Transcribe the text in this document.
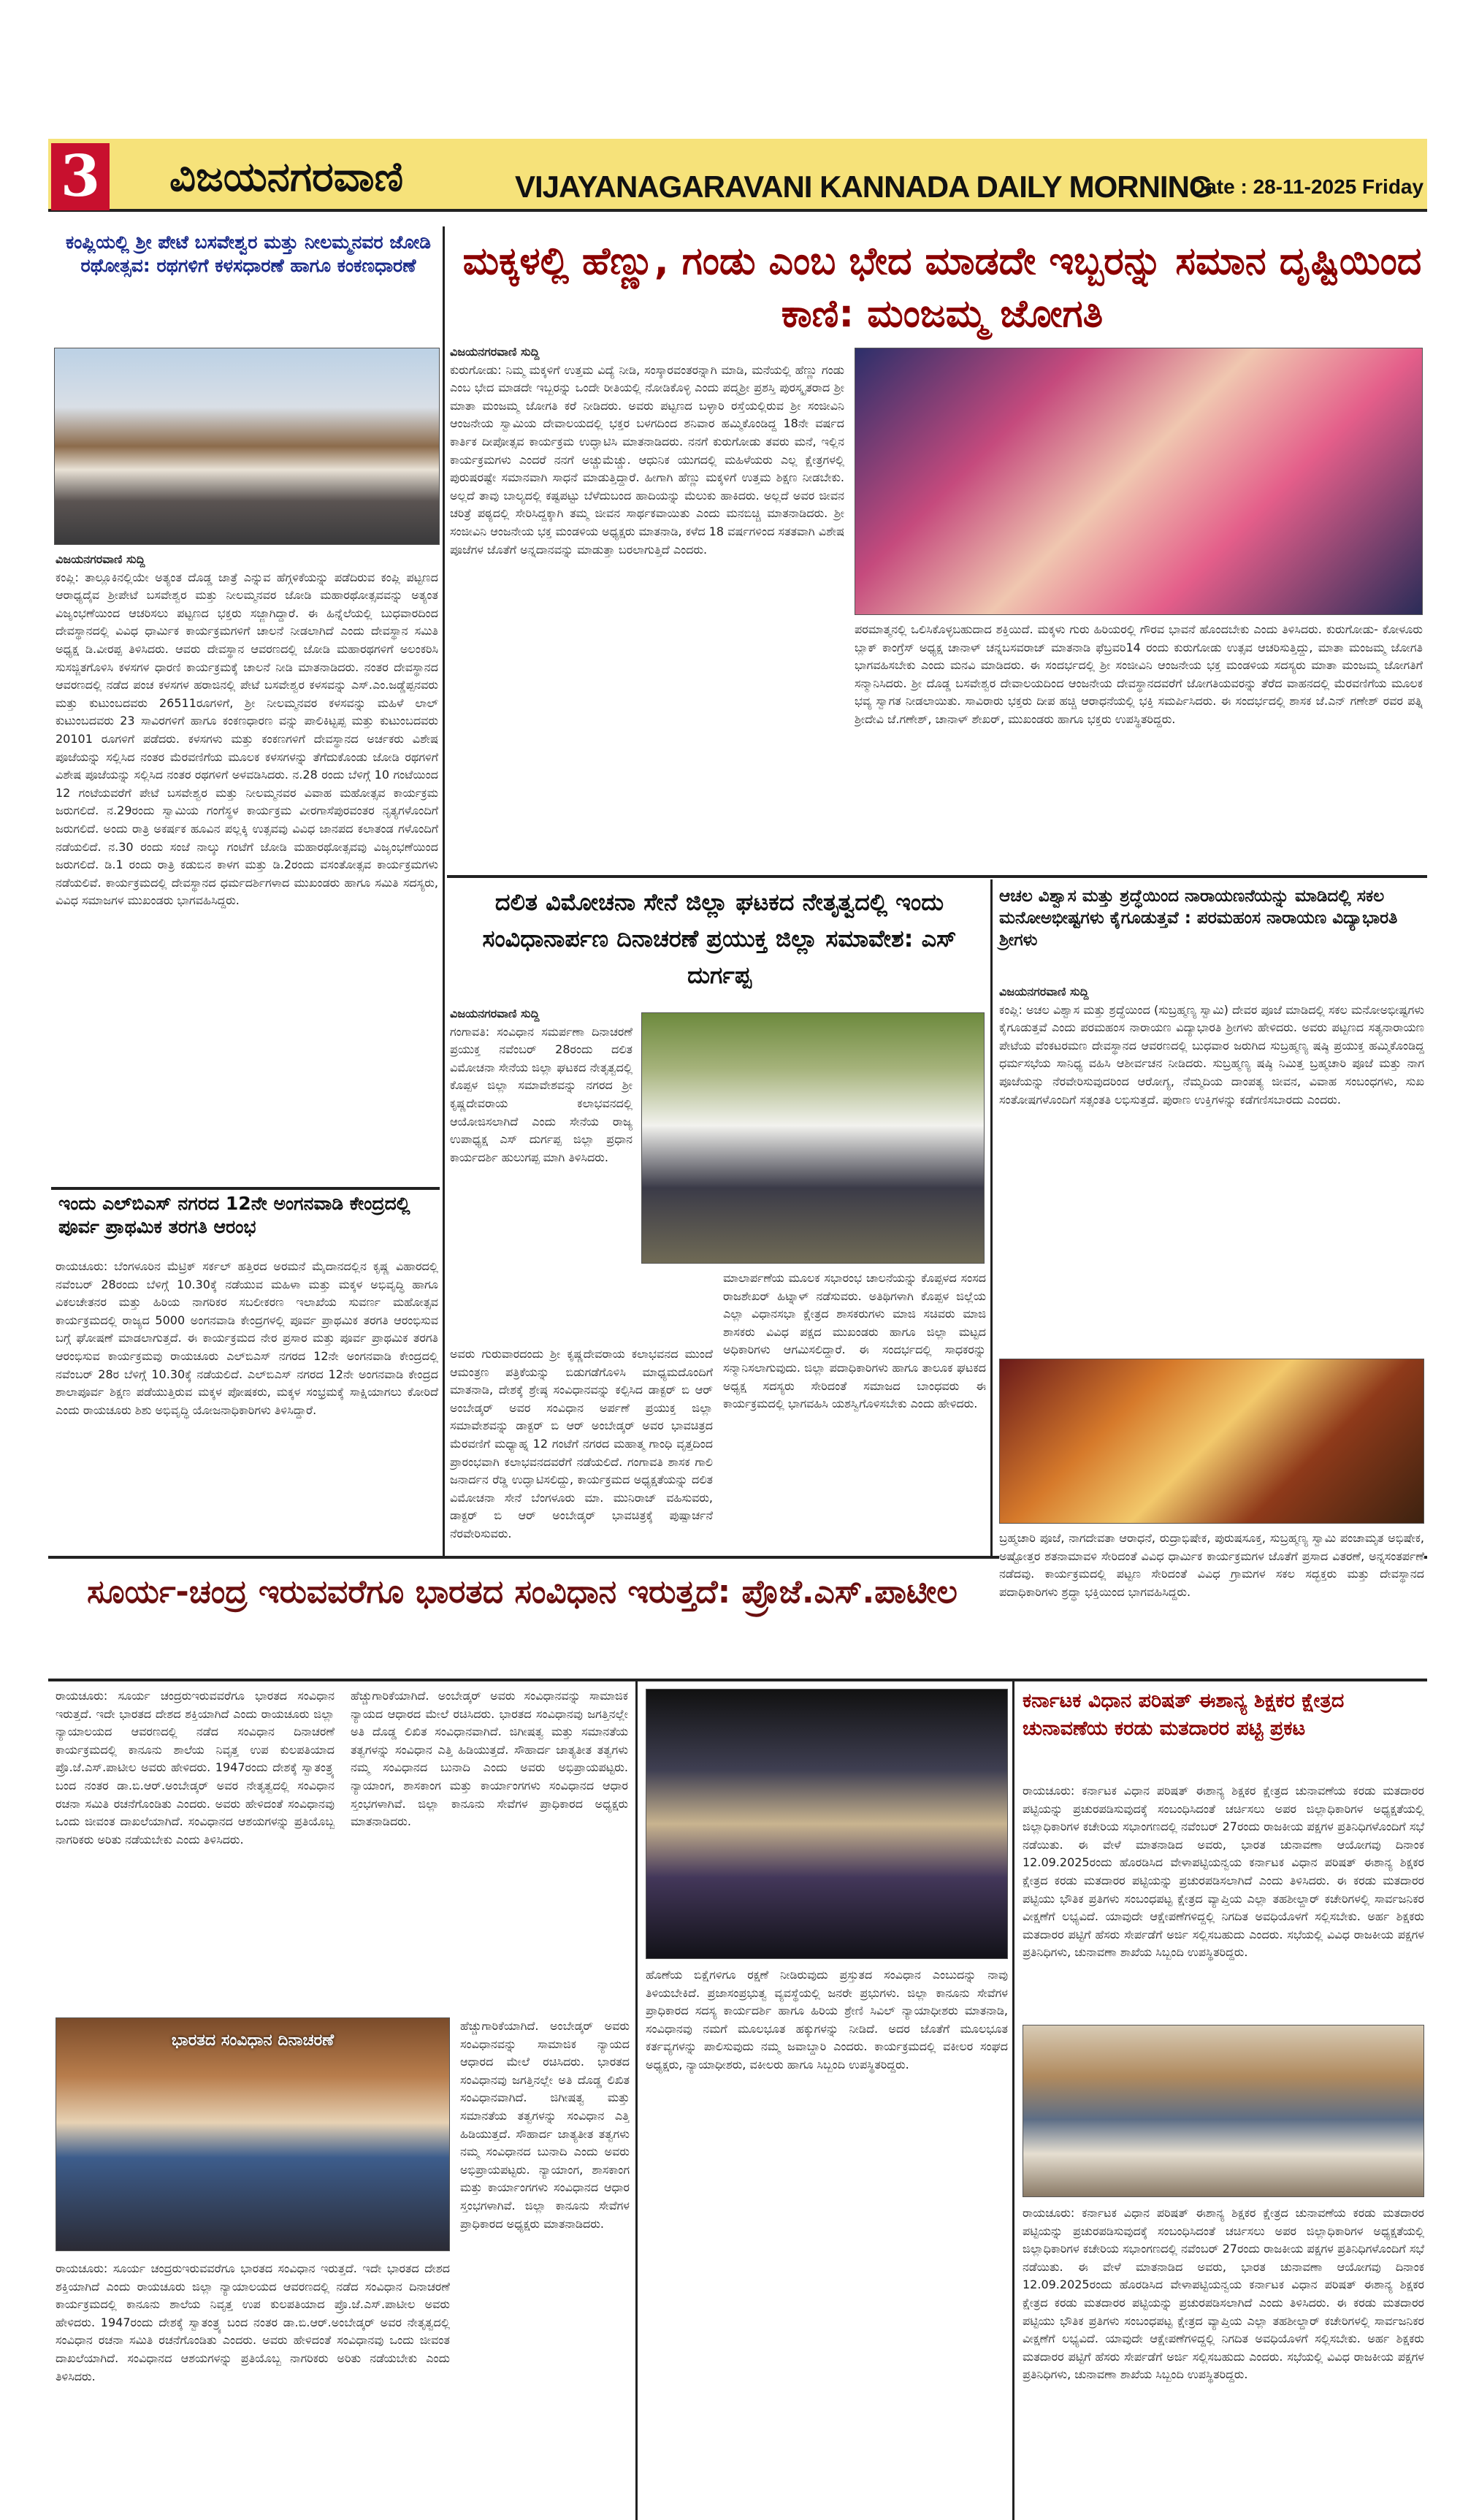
3 ವಿಜಯನಗರವಾಣಿ	VIJAYANAGARAVANI KANNADA DAILY MORNING
Date : 28-11-2025 Friday
ಕಂಪ್ಲಿಯಲ್ಲಿ ಶ್ರೀ ಪೇಟೆ ಬಸವೇಶ್ವರ ಮತ್ತು ನೀಲಮ್ಮನವರ ಜೋಡಿ ರಥೋತ್ಸವ: ರಥಗಳಿಗೆ ಕಳಸಧಾರಣೆ ಹಾಗೂ ಕಂಕಣಧಾರಣೆ
ವಿಜಯನಗರವಾಣಿ ಸುದ್ದಿ
ಕಂಪ್ಲಿ: ತಾಲ್ಲೂಕಿನಲ್ಲಿಯೇ ಅತ್ಯಂತ ದೊಡ್ಡ ಜಾತ್ರೆ ಎನ್ನುವ ಹೆಗ್ಗಳಿಕೆಯನ್ನು ಪಡೆದಿರುವ ಕಂಪ್ಲಿ ಪಟ್ಟಣದ ಆರಾಧ್ಯದೈವ ಶ್ರೀಪೇಟೆ ಬಸವೇಶ್ವರ ಮತ್ತು ನೀಲಮ್ಮನವರ ಜೋಡಿ ಮಹಾರಥೋತ್ಸವವನ್ನು ಅತ್ಯಂತ ವಿಜೃಂಭಣೆಯಿಂದ ಆಚರಿಸಲು ಪಟ್ಟಣದ ಭಕ್ತರು ಸಜ್ಜಾಗಿದ್ದಾರೆ. ಈ ಹಿನ್ನೆಲೆಯಲ್ಲಿ ಬುಧವಾರದಿಂದ ದೇವಸ್ಥಾನದಲ್ಲಿ ವಿವಿಧ ಧಾರ್ಮಿಕ ಕಾರ್ಯಕ್ರಮಗಳಿಗೆ ಚಾಲನೆ ನೀಡಲಾಗಿದೆ ಎಂದು ದೇವಸ್ಥಾನ ಸಮಿತಿ ಅಧ್ಯಕ್ಷ ಡಿ.ವೀರಪ್ಪ ತಿಳಿಸಿದರು. ಆವರು ದೇವಸ್ಥಾನ ಆವರಣದಲ್ಲಿ ಜೋಡಿ ಮಹಾರಥಗಳಿಗೆ ಅಲಂಕರಿಸಿ ಸುಸಜ್ಜಿತಗೊಳಿಸಿ ಕಳಸಗಳ ಧಾರಣಿ ಕಾರ್ಯಕ್ರಮಕ್ಕೆ ಚಾಲನೆ ನೀಡಿ ಮಾತನಾಡಿದರು. ನಂತರ ದೇವಸ್ಥಾನದ ಆವರಣದಲ್ಲಿ ನಡೆದ ಪಂಚ ಕಳಸಗಳ ಹರಾಜಿನಲ್ಲಿ ಪೇಟೆ ಬಸವೇಶ್ವರ ಕಳಸವನ್ನು ಎಸ್.ಎಂ.ಜಡ್ಡೆಪ್ಪನವರು ಮತ್ತು ಕುಟುಂಬದವರು 26511ರೂಗಳಿಗೆ, ಶ್ರೀ ನೀಲಮ್ಮನವರ ಕಳಸವನ್ನು ಮಹಿಳೆ ಲಾಲ್ ಕುಟುಂಬದವರು 23 ಸಾವಿರಗಳಿಗೆ ಹಾಗೂ ಕಂಕಣಧಾರಣ ವನ್ನು ಪಾಲಿಕಿಟ್ಟಪ್ಪ ಮತ್ತು ಕುಟುಂಬದವರು 20101 ರೂಗಳಿಗೆ ಪಡೆದರು. ಕಳಸಗಳು ಮತ್ತು ಕಂಕಣಗಳಿಗೆ ದೇವಸ್ಥಾನದ ಅರ್ಚಕರು ವಿಶೇಷ ಪೂಜೆಯನ್ನು ಸಲ್ಲಿಸಿದ ನಂತರ ಮೆರವಣಿಗೆಯ ಮೂಲಕ ಕಳಸಗಳನ್ನು ತೆಗೆದುಕೊಂಡು ಜೋಡಿ ರಥಗಳಿಗೆ ವಿಶೇಷ ಪೂಜೆಯನ್ನು ಸಲ್ಲಿಸಿದ ನಂತರ ರಥಗಳಿಗೆ ಅಳವಡಿಸಿದರು. ನ.28 ರಂದು ಬೆಳಿಗ್ಗೆ 10 ಗಂಟೆಯಿಂದ 12 ಗಂಟೆಯವರೆಗೆ ಪೇಟೆ ಬಸವೇಶ್ವರ ಮತ್ತು ನೀಲಮ್ಮನವರ ವಿವಾಹ ಮಹೋತ್ಸವ ಕಾರ್ಯಕ್ರಮ ಜರುಗಲಿದೆ. ನ.29ರಂದು ಸ್ವಾಮಿಯ ಗಂಗೆಸ್ಥಳ ಕಾರ್ಯಕ್ರಮ ವೀರಗಾಸೆಪುರವಂತರ ನೃತ್ಯಗಳೊಂದಿಗೆ ಜರುಗಲಿದೆ. ಅಂದು ರಾತ್ರಿ ಅಕರ್ಷಕ ಹೂವಿನ ಪಲ್ಲಕ್ಕಿ ಉತ್ಸವವು ವಿವಿಧ ಜಾನಪದ ಕಲಾತಂಡ ಗಳೊಂದಿಗೆ ನಡೆಯಲಿದೆ. ನ.30 ರಂದು ಸಂಜೆ ನಾಲ್ಕು ಗಂಟೆಗೆ ಜೋಡಿ ಮಹಾರಥೋತ್ಸವವು ವಿಜೃಂಭಣೆಯಿಂದ ಜರುಗಲಿದೆ. ಡಿ.1 ರಂದು ರಾತ್ರಿ ಕಡುಬಿನ ಕಾಳಗ ಮತ್ತು ಡಿ.2ರಂದು ವಸಂತೋತ್ಸವ ಕಾರ್ಯಕ್ರಮಗಳು ನಡೆಯಲಿವೆ. ಕಾರ್ಯಕ್ರಮದಲ್ಲಿ ದೇವಸ್ಥಾನದ ಧರ್ಮದರ್ಶಿಗಳಾದ ಮುಖಂಡರು ಹಾಗೂ ಸಮಿತಿ ಸದಸ್ಯರು, ವಿವಿಧ ಸಮಾಜಗಳ ಮುಖಂಡರು ಭಾಗವಹಿಸಿದ್ದರು.
ಇಂದು ಎಲ್‌ಬಿಎಸ್ ನಗರದ 12ನೇ ಅಂಗನವಾಡಿ ಕೇಂದ್ರದಲ್ಲಿ ಪೂರ್ವ ಪ್ರಾಥಮಿಕ ತರಗತಿ ಆರಂಭ
ರಾಯಚೂರು: ಬೆಂಗಳೂರಿನ ಮೆಟ್ರಿಕ್ ಸರ್ಕಲ್ ಹತ್ತಿರದ ಅರಮನೆ ಮೈದಾನದಲ್ಲಿನ ಕೃಷ್ಣ ವಿಹಾರದಲ್ಲಿ ನವೆಂಬರ್ 28ರಂದು ಬೆಳಿಗ್ಗೆ 10.30ಕ್ಕೆ ನಡೆಯುವ ಮಹಿಳಾ ಮತ್ತು ಮಕ್ಕಳ ಅಭಿವೃದ್ಧಿ ಹಾಗೂ ವಿಕಲಚೇತನರ ಮತ್ತು ಹಿರಿಯ ನಾಗರಿಕರ ಸಬಲೀಕರಣ ಇಲಾಖೆಯ ಸುವರ್ಣ ಮಹೋತ್ಸವ ಕಾರ್ಯಕ್ರಮದಲ್ಲಿ ರಾಜ್ಯದ 5000 ಅಂಗನವಾಡಿ ಕೇಂದ್ರಗಳಲ್ಲಿ ಪೂರ್ವ ಪ್ರಾಥಮಿಕ ತರಗತಿ ಆರಂಭಿಸುವ ಬಗ್ಗೆ ಘೋಷಣೆ ಮಾಡಲಾಗುತ್ತದೆ. ಈ ಕಾರ್ಯಕ್ರಮದ ನೇರ ಪ್ರಸಾರ ಮತ್ತು ಪೂರ್ವ ಪ್ರಾಥಮಿಕ ತರಗತಿ ಆರಂಭಿಸುವ ಕಾರ್ಯಕ್ರಮವು ರಾಯಚೂರು ಎಲ್‌ಬಿಎಸ್ ನಗರದ 12ನೇ ಅಂಗನವಾಡಿ ಕೇಂದ್ರದಲ್ಲಿ ನವೆಂಬರ್ 28ರ ಬೆಳಿಗ್ಗೆ 10.30ಕ್ಕೆ ನಡೆಯಲಿದೆ. ಎಲ್‌ಬಿಎಸ್ ನಗರದ 12ನೇ ಅಂಗನವಾಡಿ ಕೇಂದ್ರದ ಶಾಲಾಪೂರ್ವ ಶಿಕ್ಷಣ ಪಡೆಯುತ್ತಿರುವ ಮಕ್ಕಳ ಪೋಷಕರು, ಮಕ್ಕಳ ಸಂಭ್ರಮಕ್ಕೆ ಸಾಕ್ಷಿಯಾಗಲು ಕೋರಿದೆ ಎಂದು ರಾಯಚೂರು ಶಿಶು ಅಭಿವೃದ್ಧಿ ಯೋಜನಾಧಿಕಾರಿಗಳು ತಿಳಿಸಿದ್ದಾರೆ.
ಮಕ್ಕಳಲ್ಲಿ ಹೆಣ್ಣು, ಗಂಡು ಎಂಬ ಭೇದ ಮಾಡದೇ ಇಬ್ಬರನ್ನು ಸಮಾನ ದೃಷ್ಟಿಯಿಂದ ಕಾಣಿ: ಮಂಜಮ್ಮ ಜೋಗತಿ
ವಿಜಯನಗರವಾಣಿ ಸುದ್ದಿ
ಕುರುಗೋಡು: ನಿಮ್ಮ ಮಕ್ಕಳಿಗೆ ಉತ್ತಮ ವಿದ್ಯೆ ನೀಡಿ, ಸಂಸ್ಕಾರವಂತರನ್ನಾಗಿ ಮಾಡಿ, ಮನೆಯಲ್ಲಿ ಹೆಣ್ಣು ಗಂಡು ಎಂಬ ಭೇದ ಮಾಡದೇ ಇಬ್ಬರನ್ನು ಒಂದೇ ರೀತಿಯಲ್ಲಿ ನೋಡಿಕೊಳ್ಳಿ ಎಂದು ಪದ್ಮಶ್ರೀ ಪ್ರಶಸ್ತಿ ಪುರಸ್ಕೃತರಾದ ಶ್ರೀ ಮಾತಾ ಮಂಜಮ್ಮ ಜೋಗತಿ ಕರೆ ನೀಡಿದರು. ಅವರು ಪಟ್ಟಣದ ಬಳ್ಳಾರಿ ರಸ್ತೆಯಲ್ಲಿರುವ ಶ್ರೀ ಸಂಜೀವಿನಿ ಆಂಜನೇಯ ಸ್ವಾಮಿಯ ದೇವಾಲಯದಲ್ಲಿ ಭಕ್ತರ ಬಳಗದಿಂದ ಶನಿವಾರ ಹಮ್ಮಿಕೊಂಡಿದ್ದ 18ನೇ ವರ್ಷದ ಕಾರ್ತಿಕ ದೀಪೋತ್ಸವ ಕಾರ್ಯಕ್ರಮ ಉದ್ಘಾಟಿಸಿ ಮಾತನಾಡಿದರು. ನನಗೆ ಕುರುಗೋಡು ತವರು ಮನೆ, ಇಲ್ಲಿನ ಕಾರ್ಯಕ್ರಮಗಳು ಎಂದರೆ ನನಗೆ ಅಚ್ಚುಮೆಚ್ಚು. ಆಧುನಿಕ ಯುಗದಲ್ಲಿ ಮಹಿಳೆಯರು ಎಲ್ಲ ಕ್ಷೇತ್ರಗಳಲ್ಲಿ ಪುರುಷರಷ್ಟೇ ಸಮಾನವಾಗಿ ಸಾಧನೆ ಮಾಡುತ್ತಿದ್ದಾರೆ. ಹೀಗಾಗಿ ಹೆಣ್ಣು ಮಕ್ಕಳಿಗೆ ಉತ್ತಮ ಶಿಕ್ಷಣ ನೀಡಬೇಕು. ಅಲ್ಲದೆ ತಾವು ಬಾಲ್ಯದಲ್ಲಿ ಕಷ್ಟಪಟ್ಟು ಬೆಳೆದುಬಂದ ಹಾದಿಯನ್ನು ಮೆಲುಕು ಹಾಕಿದರು. ಅಲ್ಲದೆ ಅವರ ಜೀವನ ಚರಿತ್ರೆ ಪಠ್ಯದಲ್ಲಿ ಸೇರಿಸಿದ್ದಕ್ಕಾಗಿ ತಮ್ಮ ಜೀವನ ಸಾರ್ಥಕವಾಯಿತು ಎಂದು ಮನಬಿಚ್ಚಿ ಮಾತನಾಡಿದರು. ಶ್ರೀ ಸಂಜೀವಿನಿ ಆಂಜನೇಯ ಭಕ್ತ ಮಂಡಳಿಯ ಅಧ್ಯಕ್ಷರು ಮಾತನಾಡಿ, ಕಳೆದ 18 ವರ್ಷಗಳಿಂದ ಸತತವಾಗಿ ವಿಶೇಷ ಪೂಜೆಗಳ ಜೊತೆಗೆ ಅನ್ನದಾನವನ್ನು ಮಾಡುತ್ತಾ ಬರಲಾಗುತ್ತಿದೆ ಎಂದರು.
ಪರಮಾತ್ಮನಲ್ಲಿ ಒಲಿಸಿಕೊಳ್ಳಬಹುದಾದ ಶಕ್ತಿಯಿದೆ. ಮಕ್ಕಳು ಗುರು ಹಿರಿಯರಲ್ಲಿ ಗೌರವ ಭಾವನೆ ಹೊಂದಬೇಕು ಎಂದು ತಿಳಿಸಿದರು. ಕುರುಗೋಡು- ಕೋಳೂರು ಬ್ಲಾಕ್ ಕಾಂಗ್ರೆಸ್ ಅಧ್ಯಕ್ಷ ಚಾನಾಳ್ ಚನ್ನಬಸವರಾಜ್ ಮಾತನಾಡಿ ಫೆಬ್ರವರಿ14 ರಂದು ಕುರುಗೋಡು ಉತ್ಸವ ಆಚರಿಸುತ್ತಿದ್ದು, ಮಾತಾ ಮಂಜಮ್ಮ ಜೋಗತಿ ಭಾಗವಹಿಸಬೇಕು ಎಂದು ಮನವಿ ಮಾಡಿದರು. ಈ ಸಂದರ್ಭದಲ್ಲಿ ಶ್ರೀ ಸಂಜೀವಿನಿ ಆಂಜನೇಯ ಭಕ್ತ ಮಂಡಳಿಯ ಸದಸ್ಯರು ಮಾತಾ ಮಂಜಮ್ಮ ಜೋಗತಿಗೆ ಸನ್ಮಾನಿಸಿದರು. ಶ್ರೀ ದೊಡ್ಡ ಬಸವೇಶ್ವರ ದೇವಾಲಯದಿಂದ ಆಂಜನೇಯ ದೇವಸ್ಥಾನದವರೆಗೆ ಜೋಗತಿಯವರನ್ನು ತೆರೆದ ವಾಹನದಲ್ಲಿ ಮೆರವಣಿಗೆಯ ಮೂಲಕ ಭವ್ಯ ಸ್ವಾಗತ ನೀಡಲಾಯಿತು. ಸಾವಿರಾರು ಭಕ್ತರು ದೀಪ ಹಚ್ಚಿ ಆರಾಧನೆಯಲ್ಲಿ ಭಕ್ತಿ ಸಮರ್ಪಿಸಿದರು. ಈ ಸಂದರ್ಭದಲ್ಲಿ ಶಾಸಕ ಜೆ.ಎನ್ ಗಣೇಶ್ ರವರ ಪತ್ನಿ ಶ್ರೀದೇವಿ ಜೆ.ಗಣೇಶ್, ಚಾನಾಳ್ ಶೇಖರ್, ಮುಖಂಡರು ಹಾಗೂ ಭಕ್ತರು ಉಪಸ್ಥಿತರಿದ್ದರು.
ದಲಿತ ವಿಮೋಚನಾ ಸೇನೆ ಜಿಲ್ಲಾ ಘಟಕದ ನೇತೃತ್ವದಲ್ಲಿ ಇಂದು ಸಂವಿಧಾನಾರ್ಪಣ ದಿನಾಚರಣೆ ಪ್ರಯುಕ್ತ ಜಿಲ್ಲಾ ಸಮಾವೇಶ: ಎಸ್ ದುರ್ಗಪ್ಪ
ವಿಜಯನಗರವಾಣಿ ಸುದ್ದಿ
ಗಂಗಾವತಿ: ಸಂವಿಧಾನ ಸಮರ್ಪಣಾ ದಿನಾಚರಣೆ ಪ್ರಯುಕ್ತ ನವೆಂಬರ್ 28ರಂದು ದಲಿತ ವಿಮೋಚನಾ ಸೇನೆಯ ಜಿಲ್ಲಾ ಘಟಕದ ನೇತೃತ್ವದಲ್ಲಿ ಕೊಪ್ಪಳ ಜಿಲ್ಲಾ ಸಮಾವೇಶವನ್ನು ನಗರದ ಶ್ರೀ ಕೃಷ್ಣದೇವರಾಯ ಕಲಾಭವನದಲ್ಲಿ ಆಯೋಜಿಸಲಾಗಿದೆ ಎಂದು ಸೇನೆಯ ರಾಜ್ಯ ಉಪಾಧ್ಯಕ್ಷ ಎಸ್ ದುರ್ಗಪ್ಪ ಜಿಲ್ಲಾ ಪ್ರಧಾನ ಕಾರ್ಯದರ್ಶಿ ಹುಲುಗಪ್ಪ ಮಾಗಿ ತಿಳಿಸಿದರು.
ಅವರು ಗುರುವಾರದಂದು ಶ್ರೀ ಕೃಷ್ಣದೇವರಾಯ ಕಲಾಭವನದ ಮುಂದೆ ಆಮಂತ್ರಣ ಪತ್ರಿಕೆಯನ್ನು ಬಿಡುಗಡೆಗೊಳಿಸಿ ಮಾಧ್ಯಮದೊಂದಿಗೆ ಮಾತನಾಡಿ, ದೇಶಕ್ಕೆ ಶ್ರೇಷ್ಠ ಸಂವಿಧಾನವನ್ನು ಕಲ್ಪಿಸಿದ ಡಾಕ್ಟರ್ ಬಿ ಆರ್ ಅಂಬೇಡ್ಕರ್ ಅವರ ಸಂವಿಧಾನ ಅರ್ಪಣೆ ಪ್ರಯುಕ್ತ ಜಿಲ್ಲಾ ಸಮಾವೇಶವನ್ನು ಡಾಕ್ಟರ್ ಬಿ ಆರ್ ಅಂಬೇಡ್ಕರ್ ಅವರ ಭಾವಚಿತ್ರದ ಮೆರವಣಿಗೆ ಮಧ್ಯಾಹ್ನ 12 ಗಂಟೆಗೆ ನಗರದ ಮಹಾತ್ಮ ಗಾಂಧಿ ವೃತ್ತದಿಂದ ಪ್ರಾರಂಭವಾಗಿ ಕಲಾಭವನದವರೆಗೆ ನಡೆಯಲಿದೆ. ಗಂಗಾವತಿ ಶಾಸಕ ಗಾಲಿ ಜನಾರ್ದನ ರೆಡ್ಡಿ ಉದ್ಘಾಟಿಸಲಿದ್ದು, ಕಾರ್ಯಕ್ರಮದ ಅಧ್ಯಕ್ಷತೆಯನ್ನು ದಲಿತ ವಿಮೋಚನಾ ಸೇನೆ ಬೆಂಗಳೂರು ಮಾ. ಮುನಿರಾಜ್ ವಹಿಸುವರು, ಡಾಕ್ಟರ್ ಬಿ ಆರ್ ಅಂಬೇಡ್ಕರ್ ಭಾವಚಿತ್ರಕ್ಕೆ ಪುಷ್ಪಾರ್ಚನೆ ನೆರವೇರಿಸುವರು.
ಮಾಲಾರ್ಪಣೆಯ ಮೂಲಕ ಸಭಾರಂಭ ಚಾಲನೆಯನ್ನು ಕೊಪ್ಪಳದ ಸಂಸದ ರಾಜಶೇಖರ್ ಹಿಟ್ನಾಳ್ ನಡೆಸುವರು. ಅತಿಥಿಗಳಾಗಿ ಕೊಪ್ಪಳ ಜಿಲ್ಲೆಯ ಎಲ್ಲಾ ವಿಧಾನಸಭಾ ಕ್ಷೇತ್ರದ ಶಾಸಕರುಗಳು ಮಾಜಿ ಸಚಿವರು ಮಾಜಿ ಶಾಸಕರು ವಿವಿಧ ಪಕ್ಷದ ಮುಖಂಡರು ಹಾಗೂ ಜಿಲ್ಲಾ ಮಟ್ಟದ ಅಧಿಕಾರಿಗಳು ಆಗಮಿಸಲಿದ್ದಾರೆ. ಈ ಸಂದರ್ಭದಲ್ಲಿ ಸಾಧಕರನ್ನು ಸನ್ಮಾನಿಸಲಾಗುವುದು. ಜಿಲ್ಲಾ ಪದಾಧಿಕಾರಿಗಳು ಹಾಗೂ ತಾಲೂಕ ಘಟಕದ ಅಧ್ಯಕ್ಷ ಸದಸ್ಯರು ಸೇರಿದಂತೆ ಸಮಾಜದ ಬಾಂಧವರು ಈ ಕಾರ್ಯಕ್ರಮದಲ್ಲಿ ಭಾಗವಹಿಸಿ ಯಶಸ್ವಿಗೊಳಿಸಬೇಕು ಎಂದು ಹೇಳಿದರು.
ಆಚಲ ವಿಶ್ವಾಸ ಮತ್ತು ಶ್ರದ್ಧೆಯಿಂದ ನಾರಾಯಣನೆಯನ್ನು ಮಾಡಿದಲ್ಲಿ ಸಕಲ ಮನೋಅಭೀಷ್ಟಗಳು ಕೈಗೂಡುತ್ತವೆ : ಪರಮಹಂಸ ನಾರಾಯಣ ವಿದ್ಯಾಭಾರತಿ ಶ್ರೀಗಳು
ವಿಜಯನಗರವಾಣಿ ಸುದ್ದಿ
ಕಂಪ್ಲಿ: ಅಚಲ ವಿಶ್ವಾಸ ಮತ್ತು ಶ್ರದ್ಧೆಯಿಂದ (ಸುಬ್ರಹ್ಮಣ್ಯ ಸ್ವಾಮಿ) ದೇವರ ಪೂಜೆ ಮಾಡಿದಲ್ಲಿ ಸಕಲ ಮನೋಅಭೀಷ್ಟಗಳು ಕೈಗೂಡುತ್ತವೆ ಎಂದು ಪರಮಹಂಸ ನಾರಾಯಣ ವಿದ್ಯಾಭಾರತಿ ಶ್ರೀಗಳು ಹೇಳಿದರು. ಅವರು ಪಟ್ಟಣದ ಸತ್ಯನಾರಾಯಣ ಪೇಟೆಯ ವೆಂಕಟರಮಣ ದೇವಸ್ಥಾನದ ಆವರಣದಲ್ಲಿ ಬುಧವಾರ ಜರುಗಿದ ಸುಬ್ರಹ್ಮಣ್ಯ ಷಷ್ಠಿ ಪ್ರಯುಕ್ತ ಹಮ್ಮಿಕೊಂಡಿದ್ದ ಧರ್ಮಸಭೆಯ ಸಾನಿಧ್ಯ ವಹಿಸಿ ಆಶೀರ್ವಚನ ನೀಡಿದರು. ಸುಬ್ರಹ್ಮಣ್ಯ ಷಷ್ಠಿ ನಿಮಿತ್ತ ಬ್ರಹ್ಮಚಾರಿ ಪೂಜೆ ಮತ್ತು ನಾಗ ಪೂಜೆಯನ್ನು ನೆರವೇರಿಸುವುದರಿಂದ ಆರೋಗ್ಯ, ನೆಮ್ಮದಿಯ ದಾಂಪತ್ಯ ಜೀವನ, ವಿವಾಹ ಸಂಬಂಧಗಳು, ಸುಖ ಸಂತೋಷಗಳೊಂದಿಗೆ ಸತ್ಸಂತತಿ ಲಭಿಸುತ್ತದೆ. ಪುರಾಣ ಉಕ್ತಿಗಳನ್ನು ಕಡೆಗಣಿಸಬಾರದು ಎಂದರು.
ಬ್ರಹ್ಮಚಾರಿ ಪೂಜೆ, ನಾಗದೇವತಾ ಆರಾಧನೆ, ರುದ್ರಾಭಿಷೇಕ, ಪುರುಷಸೂಕ್ತ, ಸುಬ್ರಹ್ಮಣ್ಯ ಸ್ವಾಮಿ ಪಂಚಾಮೃತ ಅಭಿಷೇಕ, ಅಷ್ಟೋತ್ತರ ಶತನಾಮಾವಳಿ ಸೇರಿದಂತೆ ವಿವಿಧ ಧಾರ್ಮಿಕ ಕಾರ್ಯಕ್ರಮಗಳ ಜೊತೆಗೆ ಪ್ರಸಾದ ವಿತರಣೆ, ಅನ್ನಸಂತರ್ಪಣೆ ನಡೆದವು. ಕಾರ್ಯಕ್ರಮದಲ್ಲಿ ಪಟ್ಟಣ ಸೇರಿದಂತೆ ವಿವಿಧ ಗ್ರಾಮಗಳ ಸಕಲ ಸದ್ಭಕ್ತರು ಮತ್ತು ದೇವಸ್ಥಾನದ ಪದಾಧಿಕಾರಿಗಳು ಶ್ರದ್ಧಾ ಭಕ್ತಿಯಿಂದ ಭಾಗವಹಿಸಿದ್ದರು.
ಸೂರ್ಯ-ಚಂದ್ರ ಇರುವವರೆಗೂ ಭಾರತದ ಸಂವಿಧಾನ ಇರುತ್ತದೆ: ಪ್ರೊಜೆ.ಎಸ್.ಪಾಟೀಲ
ರಾಯಚೂರು: ಸೂರ್ಯ ಚಂದ್ರರುಇರುವವರೆಗೂ ಭಾರತದ ಸಂವಿಧಾನ ಇರುತ್ತದೆ. ಇದೇ ಭಾರತದ ದೇಶದ ಶಕ್ತಿಯಾಗಿದೆ ಎಂದು ರಾಯಚೂರು ಜಿಲ್ಲಾ ನ್ಯಾಯಾಲಯದ ಆವರಣದಲ್ಲಿ ನಡೆದ ಸಂವಿಧಾನ ದಿನಾಚರಣೆ ಕಾರ್ಯಕ್ರಮದಲ್ಲಿ ಕಾನೂನು ಶಾಲೆಯ ನಿವೃತ್ತ ಉಪ ಕುಲಪತಿಯಾದ ಪ್ರೊ.ಜೆ.ಎಸ್.ಪಾಟೀಲ ಅವರು ಹೇಳಿದರು. 1947ರಂದು ದೇಶಕ್ಕೆ ಸ್ವಾತಂತ್ರ್ಯ ಬಂದ ನಂತರ ಡಾ.ಬಿ.ಆರ್.ಅಂಬೇಡ್ಕರ್ ಅವರ ನೇತೃತ್ವದಲ್ಲಿ ಸಂವಿಧಾನ ರಚನಾ ಸಮಿತಿ ರಚನೆಗೊಂಡಿತು ಎಂದರು. ಅವರು ಹೇಳಿದಂತೆ ಸಂವಿಧಾನವು ಒಂದು ಜೀವಂತ ದಾಖಲೆಯಾಗಿದೆ. ಸಂವಿಧಾನದ ಆಶಯಗಳನ್ನು ಪ್ರತಿಯೊಬ್ಬ ನಾಗರಿಕರು ಅರಿತು ನಡೆಯಬೇಕು ಎಂದು ತಿಳಿಸಿದರು.
ಭಾರತದ ಸಂವಿಧಾನ ದಿನಾಚರಣೆ
ರಾಯಚೂರು: ಸೂರ್ಯ ಚಂದ್ರರುಇರುವವರೆಗೂ ಭಾರತದ ಸಂವಿಧಾನ ಇರುತ್ತದೆ. ಇದೇ ಭಾರತದ ದೇಶದ ಶಕ್ತಿಯಾಗಿದೆ ಎಂದು ರಾಯಚೂರು ಜಿಲ್ಲಾ ನ್ಯಾಯಾಲಯದ ಆವರಣದಲ್ಲಿ ನಡೆದ ಸಂವಿಧಾನ ದಿನಾಚರಣೆ ಕಾರ್ಯಕ್ರಮದಲ್ಲಿ ಕಾನೂನು ಶಾಲೆಯ ನಿವೃತ್ತ ಉಪ ಕುಲಪತಿಯಾದ ಪ್ರೊ.ಜೆ.ಎಸ್.ಪಾಟೀಲ ಅವರು ಹೇಳಿದರು. 1947ರಂದು ದೇಶಕ್ಕೆ ಸ್ವಾತಂತ್ರ್ಯ ಬಂದ ನಂತರ ಡಾ.ಬಿ.ಆರ್.ಅಂಬೇಡ್ಕರ್ ಅವರ ನೇತೃತ್ವದಲ್ಲಿ ಸಂವಿಧಾನ ರಚನಾ ಸಮಿತಿ ರಚನೆಗೊಂಡಿತು ಎಂದರು. ಅವರು ಹೇಳಿದಂತೆ ಸಂವಿಧಾನವು ಒಂದು ಜೀವಂತ ದಾಖಲೆಯಾಗಿದೆ. ಸಂವಿಧಾನದ ಆಶಯಗಳನ್ನು ಪ್ರತಿಯೊಬ್ಬ ನಾಗರಿಕರು ಅರಿತು ನಡೆಯಬೇಕು ಎಂದು ತಿಳಿಸಿದರು.
ಹೆಚ್ಚುಗಾರಿಕೆಯಾಗಿದೆ. ಅಂಬೇಡ್ಕರ್ ಅವರು ಸಂವಿಧಾನವನ್ನು ಸಾಮಾಜಿಕ ನ್ಯಾಯದ ಆಧಾರದ ಮೇಲೆ ರಚಿಸಿದರು. ಭಾರತದ ಸಂವಿಧಾನವು ಜಗತ್ತಿನಲ್ಲೇ ಅತಿ ದೊಡ್ಡ ಲಿಖಿತ ಸಂವಿಧಾನವಾಗಿದೆ. ಜಿಗೀಷತ್ವ ಮತ್ತು ಸಮಾನತೆಯ ತತ್ವಗಳನ್ನು ಸಂವಿಧಾನ ಎತ್ತಿ ಹಿಡಿಯುತ್ತದೆ. ಸೌಹಾರ್ದ ಜಾತ್ಯತೀತ ತತ್ವಗಳು ನಮ್ಮ ಸಂವಿಧಾನದ ಬುನಾದಿ ಎಂದು ಅವರು ಅಭಿಪ್ರಾಯಪಟ್ಟರು. ನ್ಯಾಯಾಂಗ, ಶಾಸಕಾಂಗ ಮತ್ತು ಕಾರ್ಯಾಂಗಗಳು ಸಂವಿಧಾನದ ಆಧಾರ ಸ್ತಂಭಗಳಾಗಿವೆ. ಜಿಲ್ಲಾ ಕಾನೂನು ಸೇವೆಗಳ ಪ್ರಾಧಿಕಾರದ ಅಧ್ಯಕ್ಷರು ಮಾತನಾಡಿದರು.
ಹೆಚ್ಚುಗಾರಿಕೆಯಾಗಿದೆ. ಅಂಬೇಡ್ಕರ್ ಅವರು ಸಂವಿಧಾನವನ್ನು ಸಾಮಾಜಿಕ ನ್ಯಾಯದ ಆಧಾರದ ಮೇಲೆ ರಚಿಸಿದರು. ಭಾರತದ ಸಂವಿಧಾನವು ಜಗತ್ತಿನಲ್ಲೇ ಅತಿ ದೊಡ್ಡ ಲಿಖಿತ ಸಂವಿಧಾನವಾಗಿದೆ. ಜಿಗೀಷತ್ವ ಮತ್ತು ಸಮಾನತೆಯ ತತ್ವಗಳನ್ನು ಸಂವಿಧಾನ ಎತ್ತಿ ಹಿಡಿಯುತ್ತದೆ. ಸೌಹಾರ್ದ ಜಾತ್ಯತೀತ ತತ್ವಗಳು ನಮ್ಮ ಸಂವಿಧಾನದ ಬುನಾದಿ ಎಂದು ಅವರು ಅಭಿಪ್ರಾಯಪಟ್ಟರು. ನ್ಯಾಯಾಂಗ, ಶಾಸಕಾಂಗ ಮತ್ತು ಕಾರ್ಯಾಂಗಗಳು ಸಂವಿಧಾನದ ಆಧಾರ ಸ್ತಂಭಗಳಾಗಿವೆ. ಜಿಲ್ಲಾ ಕಾನೂನು ಸೇವೆಗಳ ಪ್ರಾಧಿಕಾರದ ಅಧ್ಯಕ್ಷರು ಮಾತನಾಡಿದರು.
ಹೊಣೆಯ ಬಿಕ್ಷೆಗಳಿಗೂ ರಕ್ಷಣೆ ನೀಡಿರುವುದು ಪ್ರಸ್ತುತದ ಸಂವಿಧಾನ ಎಂಬುದನ್ನು ನಾವು ತಿಳಿಯಬೇಕಿದೆ. ಪ್ರಜಾಸಂಪ್ರಭುತ್ವ ವ್ಯವಸ್ಥೆಯಲ್ಲಿ ಜನರೇ ಪ್ರಭುಗಳು. ಜಿಲ್ಲಾ ಕಾನೂನು ಸೇವೆಗಳ ಪ್ರಾಧಿಕಾರದ ಸದಸ್ಯ ಕಾರ್ಯದರ್ಶಿ ಹಾಗೂ ಹಿರಿಯ ಶ್ರೇಣಿ ಸಿವಿಲ್ ನ್ಯಾಯಾಧೀಶರು ಮಾತನಾಡಿ, ಸಂವಿಧಾನವು ನಮಗೆ ಮೂಲಭೂತ ಹಕ್ಕುಗಳನ್ನು ನೀಡಿದೆ. ಅದರ ಜೊತೆಗೆ ಮೂಲಭೂತ ಕರ್ತವ್ಯಗಳನ್ನು ಪಾಲಿಸುವುದು ನಮ್ಮ ಜವಾಬ್ದಾರಿ ಎಂದರು. ಕಾರ್ಯಕ್ರಮದಲ್ಲಿ ವಕೀಲರ ಸಂಘದ ಅಧ್ಯಕ್ಷರು, ನ್ಯಾಯಾಧೀಶರು, ವಕೀಲರು ಹಾಗೂ ಸಿಬ್ಬಂದಿ ಉಪಸ್ಥಿತರಿದ್ದರು.
ಕರ್ನಾಟಕ ವಿಧಾನ ಪರಿಷತ್ ಈಶಾನ್ಯ ಶಿಕ್ಷಕರ ಕ್ಷೇತ್ರದ ಚುನಾವಣೆಯ ಕರಡು ಮತದಾರರ ಪಟ್ಟಿ ಪ್ರಕಟ
ರಾಯಚೂರು: ಕರ್ನಾಟಕ ವಿಧಾನ ಪರಿಷತ್ ಈಶಾನ್ಯ ಶಿಕ್ಷಕರ ಕ್ಷೇತ್ರದ ಚುನಾವಣೆಯ ಕರಡು ಮತದಾರರ ಪಟ್ಟಿಯನ್ನು ಪ್ರಚುರಪಡಿಸುವುದಕ್ಕೆ ಸಂಬಂಧಿಸಿದಂತೆ ಚರ್ಚಿಸಲು ಅಪರ ಜಿಲ್ಲಾಧಿಕಾರಿಗಳ ಅಧ್ಯಕ್ಷತೆಯಲ್ಲಿ ಜಿಲ್ಲಾಧಿಕಾರಿಗಳ ಕಚೇರಿಯ ಸಭಾಂಗಣದಲ್ಲಿ ನವೆಂಬರ್ 27ರಂದು ರಾಜಕೀಯ ಪಕ್ಷಗಳ ಪ್ರತಿನಿಧಿಗಳೊಂದಿಗೆ ಸಭೆ ನಡೆಯಿತು. ಈ ವೇಳೆ ಮಾತನಾಡಿದ ಅವರು, ಭಾರತ ಚುನಾವಣಾ ಆಯೋಗವು ದಿನಾಂಕ 12.09.2025ರಂದು ಹೊರಡಿಸಿದ ವೇಳಾಪಟ್ಟಿಯನ್ವಯ ಕರ್ನಾಟಕ ವಿಧಾನ ಪರಿಷತ್ ಈಶಾನ್ಯ ಶಿಕ್ಷಕರ ಕ್ಷೇತ್ರದ ಕರಡು ಮತದಾರರ ಪಟ್ಟಿಯನ್ನು ಪ್ರಚುರಪಡಿಸಲಾಗಿದೆ ಎಂದು ತಿಳಿಸಿದರು. ಈ ಕರಡು ಮತದಾರರ ಪಟ್ಟಿಯು ಭೌತಿಕ ಪ್ರತಿಗಳು ಸಂಬಂಧಪಟ್ಟ ಕ್ಷೇತ್ರದ ವ್ಯಾಪ್ತಿಯ ಎಲ್ಲಾ ತಹಶೀಲ್ದಾರ್ ಕಚೇರಿಗಳಲ್ಲಿ ಸಾರ್ವಜನಿಕರ ವೀಕ್ಷಣೆಗೆ ಲಭ್ಯವಿದೆ. ಯಾವುದೇ ಆಕ್ಷೇಪಣೆಗಳಿದ್ದಲ್ಲಿ ನಿಗದಿತ ಅವಧಿಯೊಳಗೆ ಸಲ್ಲಿಸಬೇಕು. ಅರ್ಹ ಶಿಕ್ಷಕರು ಮತದಾರರ ಪಟ್ಟಿಗೆ ಹೆಸರು ಸೇರ್ಪಡೆಗೆ ಅರ್ಜಿ ಸಲ್ಲಿಸಬಹುದು ಎಂದರು. ಸಭೆಯಲ್ಲಿ ವಿವಿಧ ರಾಜಕೀಯ ಪಕ್ಷಗಳ ಪ್ರತಿನಿಧಿಗಳು, ಚುನಾವಣಾ ಶಾಖೆಯ ಸಿಬ್ಬಂದಿ ಉಪಸ್ಥಿತರಿದ್ದರು.
ರಾಯಚೂರು: ಕರ್ನಾಟಕ ವಿಧಾನ ಪರಿಷತ್ ಈಶಾನ್ಯ ಶಿಕ್ಷಕರ ಕ್ಷೇತ್ರದ ಚುನಾವಣೆಯ ಕರಡು ಮತದಾರರ ಪಟ್ಟಿಯನ್ನು ಪ್ರಚುರಪಡಿಸುವುದಕ್ಕೆ ಸಂಬಂಧಿಸಿದಂತೆ ಚರ್ಚಿಸಲು ಅಪರ ಜಿಲ್ಲಾಧಿಕಾರಿಗಳ ಅಧ್ಯಕ್ಷತೆಯಲ್ಲಿ ಜಿಲ್ಲಾಧಿಕಾರಿಗಳ ಕಚೇರಿಯ ಸಭಾಂಗಣದಲ್ಲಿ ನವೆಂಬರ್ 27ರಂದು ರಾಜಕೀಯ ಪಕ್ಷಗಳ ಪ್ರತಿನಿಧಿಗಳೊಂದಿಗೆ ಸಭೆ ನಡೆಯಿತು. ಈ ವೇಳೆ ಮಾತನಾಡಿದ ಅವರು, ಭಾರತ ಚುನಾವಣಾ ಆಯೋಗವು ದಿನಾಂಕ 12.09.2025ರಂದು ಹೊರಡಿಸಿದ ವೇಳಾಪಟ್ಟಿಯನ್ವಯ ಕರ್ನಾಟಕ ವಿಧಾನ ಪರಿಷತ್ ಈಶಾನ್ಯ ಶಿಕ್ಷಕರ ಕ್ಷೇತ್ರದ ಕರಡು ಮತದಾರರ ಪಟ್ಟಿಯನ್ನು ಪ್ರಚುರಪಡಿಸಲಾಗಿದೆ ಎಂದು ತಿಳಿಸಿದರು. ಈ ಕರಡು ಮತದಾರರ ಪಟ್ಟಿಯು ಭೌತಿಕ ಪ್ರತಿಗಳು ಸಂಬಂಧಪಟ್ಟ ಕ್ಷೇತ್ರದ ವ್ಯಾಪ್ತಿಯ ಎಲ್ಲಾ ತಹಶೀಲ್ದಾರ್ ಕಚೇರಿಗಳಲ್ಲಿ ಸಾರ್ವಜನಿಕರ ವೀಕ್ಷಣೆಗೆ ಲಭ್ಯವಿದೆ. ಯಾವುದೇ ಆಕ್ಷೇಪಣೆಗಳಿದ್ದಲ್ಲಿ ನಿಗದಿತ ಅವಧಿಯೊಳಗೆ ಸಲ್ಲಿಸಬೇಕು. ಅರ್ಹ ಶಿಕ್ಷಕರು ಮತದಾರರ ಪಟ್ಟಿಗೆ ಹೆಸರು ಸೇರ್ಪಡೆಗೆ ಅರ್ಜಿ ಸಲ್ಲಿಸಬಹುದು ಎಂದರು. ಸಭೆಯಲ್ಲಿ ವಿವಿಧ ರಾಜಕೀಯ ಪಕ್ಷಗಳ ಪ್ರತಿನಿಧಿಗಳು, ಚುನಾವಣಾ ಶಾಖೆಯ ಸಿಬ್ಬಂದಿ ಉಪಸ್ಥಿತರಿದ್ದರು.
